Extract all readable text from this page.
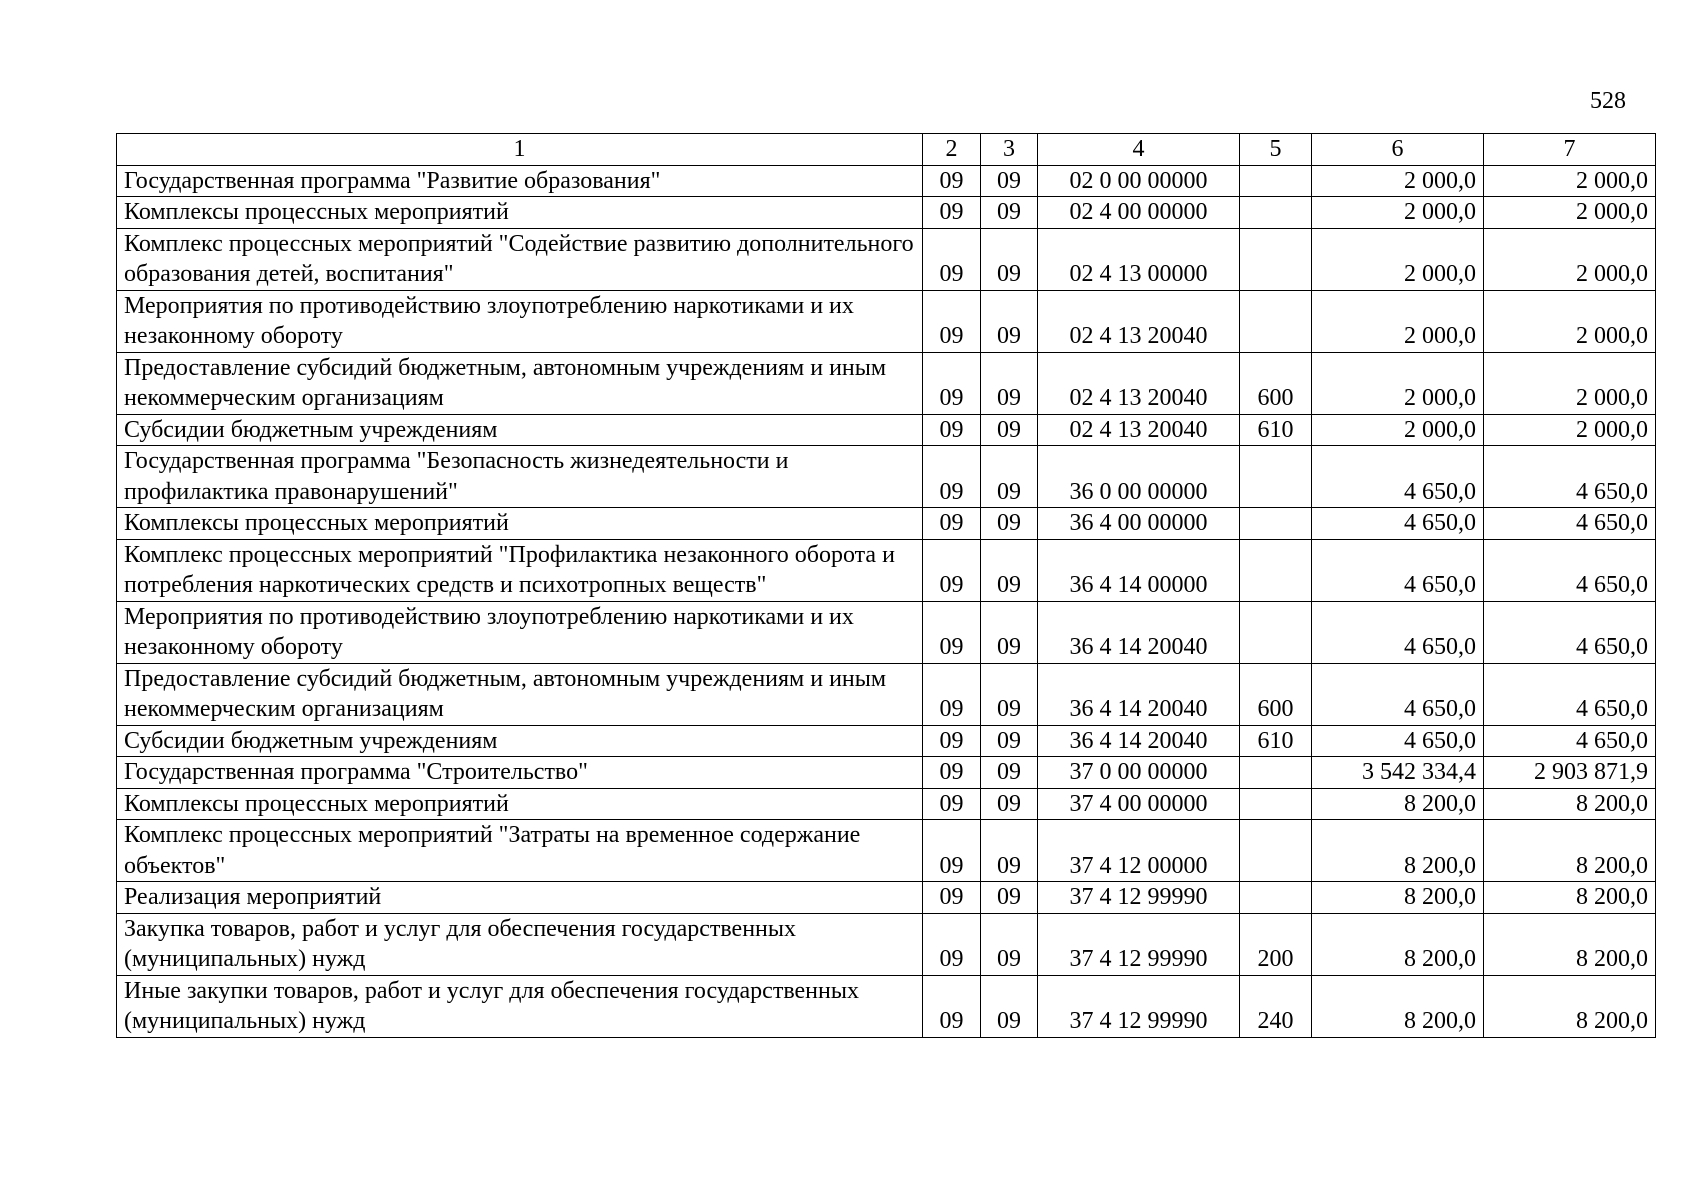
528
1	2	3	4	5	6	7
Государственная программа "Развитие образования"	09	09	02 0 00 00000		2 000,0	2 000,0
Комплексы процессных мероприятий	09	09	02 4 00 00000		2 000,0	2 000,0
Комплекс процессных мероприятий "Содействие развитию дополнительного образования детей, воспитания"	09	09	02 4 13 00000		2 000,0	2 000,0
Мероприятия по противодействию злоупотреблению наркотиками и их незаконному обороту	09	09	02 4 13 20040		2 000,0	2 000,0
Предоставление субсидий бюджетным, автономным учреждениям и иным некоммерческим организациям	09	09	02 4 13 20040	600	2 000,0	2 000,0
Субсидии бюджетным учреждениям	09	09	02 4 13 20040	610	2 000,0	2 000,0
Государственная программа "Безопасность жизнедеятельности и профилактика правонарушений"	09	09	36 0 00 00000		4 650,0	4 650,0
Комплексы процессных мероприятий	09	09	36 4 00 00000		4 650,0	4 650,0
Комплекс процессных мероприятий "Профилактика незаконного оборота и потребления наркотических средств и психотропных веществ"	09	09	36 4 14 00000		4 650,0	4 650,0
Мероприятия по противодействию злоупотреблению наркотиками и их незаконному обороту	09	09	36 4 14 20040		4 650,0	4 650,0
Предоставление субсидий бюджетным, автономным учреждениям и иным некоммерческим организациям	09	09	36 4 14 20040	600	4 650,0	4 650,0
Субсидии бюджетным учреждениям	09	09	36 4 14 20040	610	4 650,0	4 650,0
Государственная программа "Строительство"	09	09	37 0 00 00000		3 542 334,4	2 903 871,9
Комплексы процессных мероприятий	09	09	37 4 00 00000		8 200,0	8 200,0
Комплекс процессных мероприятий "Затраты на временное содержание объектов"	09	09	37 4 12 00000		8 200,0	8 200,0
Реализация мероприятий	09	09	37 4 12 99990		8 200,0	8 200,0
Закупка товаров, работ и услуг для обеспечения государственных (муниципальных) нужд	09	09	37 4 12 99990	200	8 200,0	8 200,0
Иные закупки товаров, работ и услуг для обеспечения государственных (муниципальных) нужд	09	09	37 4 12 99990	240	8 200,0	8 200,0
